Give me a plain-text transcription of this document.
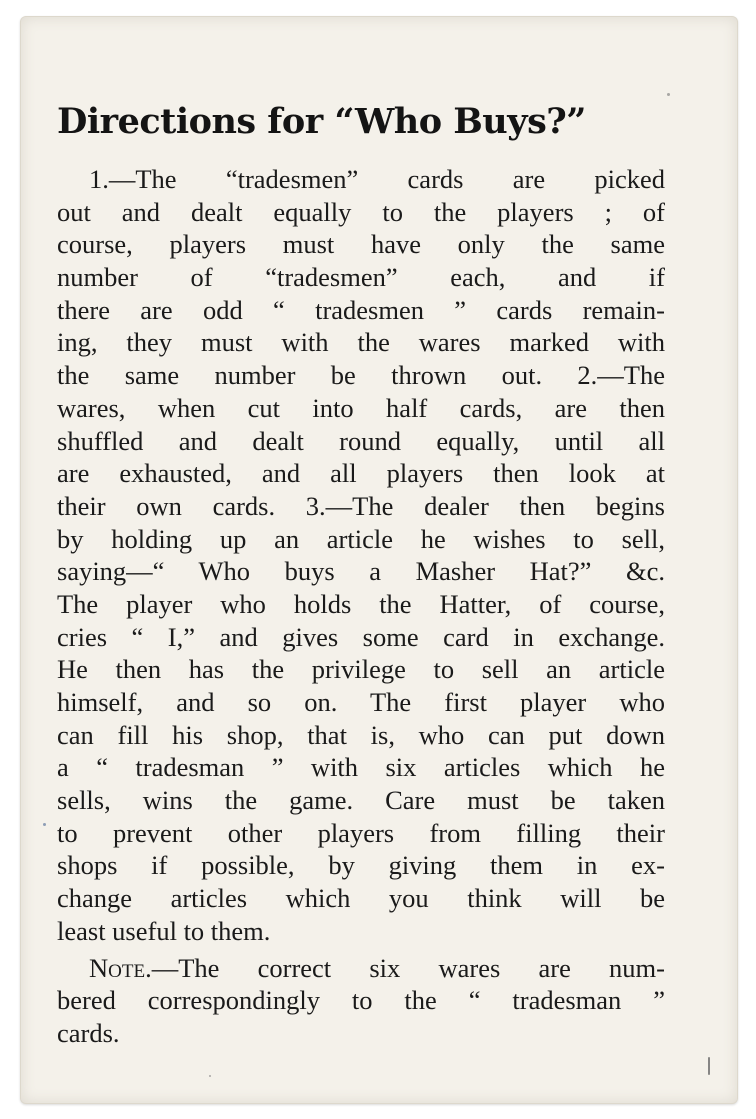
Directions for “Who Buys?”
1.—The “tradesmen” cards are picked
out and dealt equally to the players ; of
course, players must have only the same
number of “tradesmen” each, and if
there are odd “ tradesmen ” cards remain-
ing, they must with the wares marked with
the same number be thrown out. 2.—The
wares, when cut into half cards, are then
shuffled and dealt round equally, until all
are exhausted, and all players then look at
their own cards. 3.—The dealer then begins
by holding up an article he wishes to sell,
saying—“ Who buys a Masher Hat?” &c.
The player who holds the Hatter, of course,
cries “ I,” and gives some card in exchange.
He then has the privilege to sell an article
himself, and so on. The first player who
can fill his shop, that is, who can put down
a “ tradesman ” with six articles which he
sells, wins the game. Care must be taken
to prevent other players from filling their
shops if possible, by giving them in ex-
change articles which you think will be
least useful to them.
Note.—The correct six wares are num-
bered correspondingly to the “ tradesman ”
cards.
